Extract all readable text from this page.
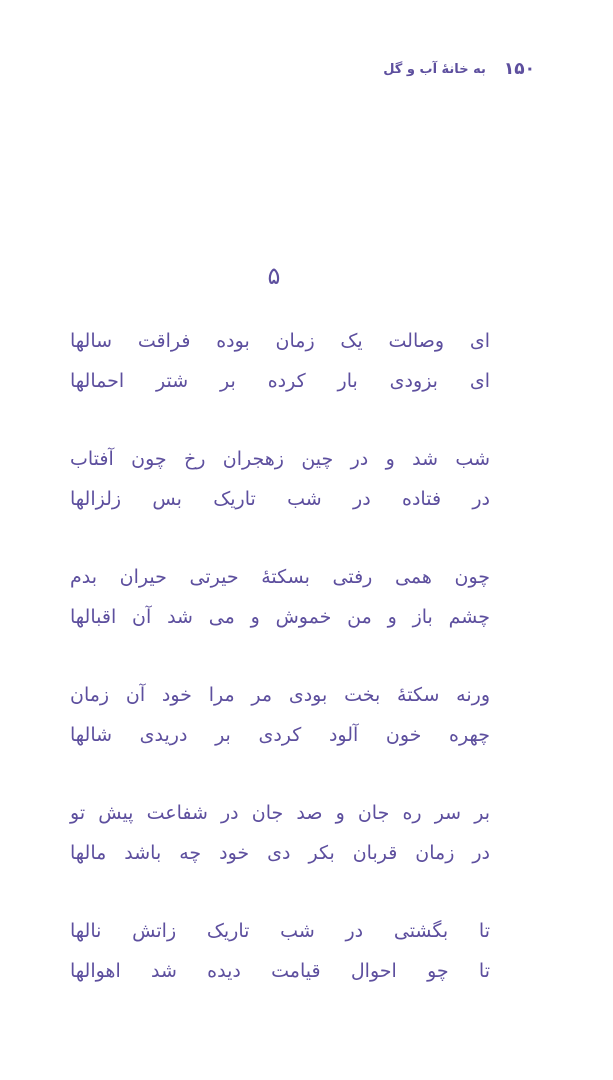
۱۵۰
به خانهٔ آب و گل
۵
ای وصالت یک زمان بوده فراقت سالها
ای بزودی بار کرده بر شتر احمالها
شب شد و در چین زهجران رخ چون آفتاب
در فتاده در شب تاریک بس زلزالها
چون همی رفتی بسکتهٔ حیرتی حیران بدم
چشم باز و من خموش و می شد آن اقبالها
ورنه سکتهٔ بخت بودی مر مرا خود آن زمان
چهره خون آلود کردی بر دریدی شالها
بر سر ره جان و صد جان در شفاعت پیش تو
در زمان قربان بکر دی خود چه باشد مالها
تا بگشتی در شب تاریک زاتش نالها
تا چو احوال قیامت دیده شد اهوالها
